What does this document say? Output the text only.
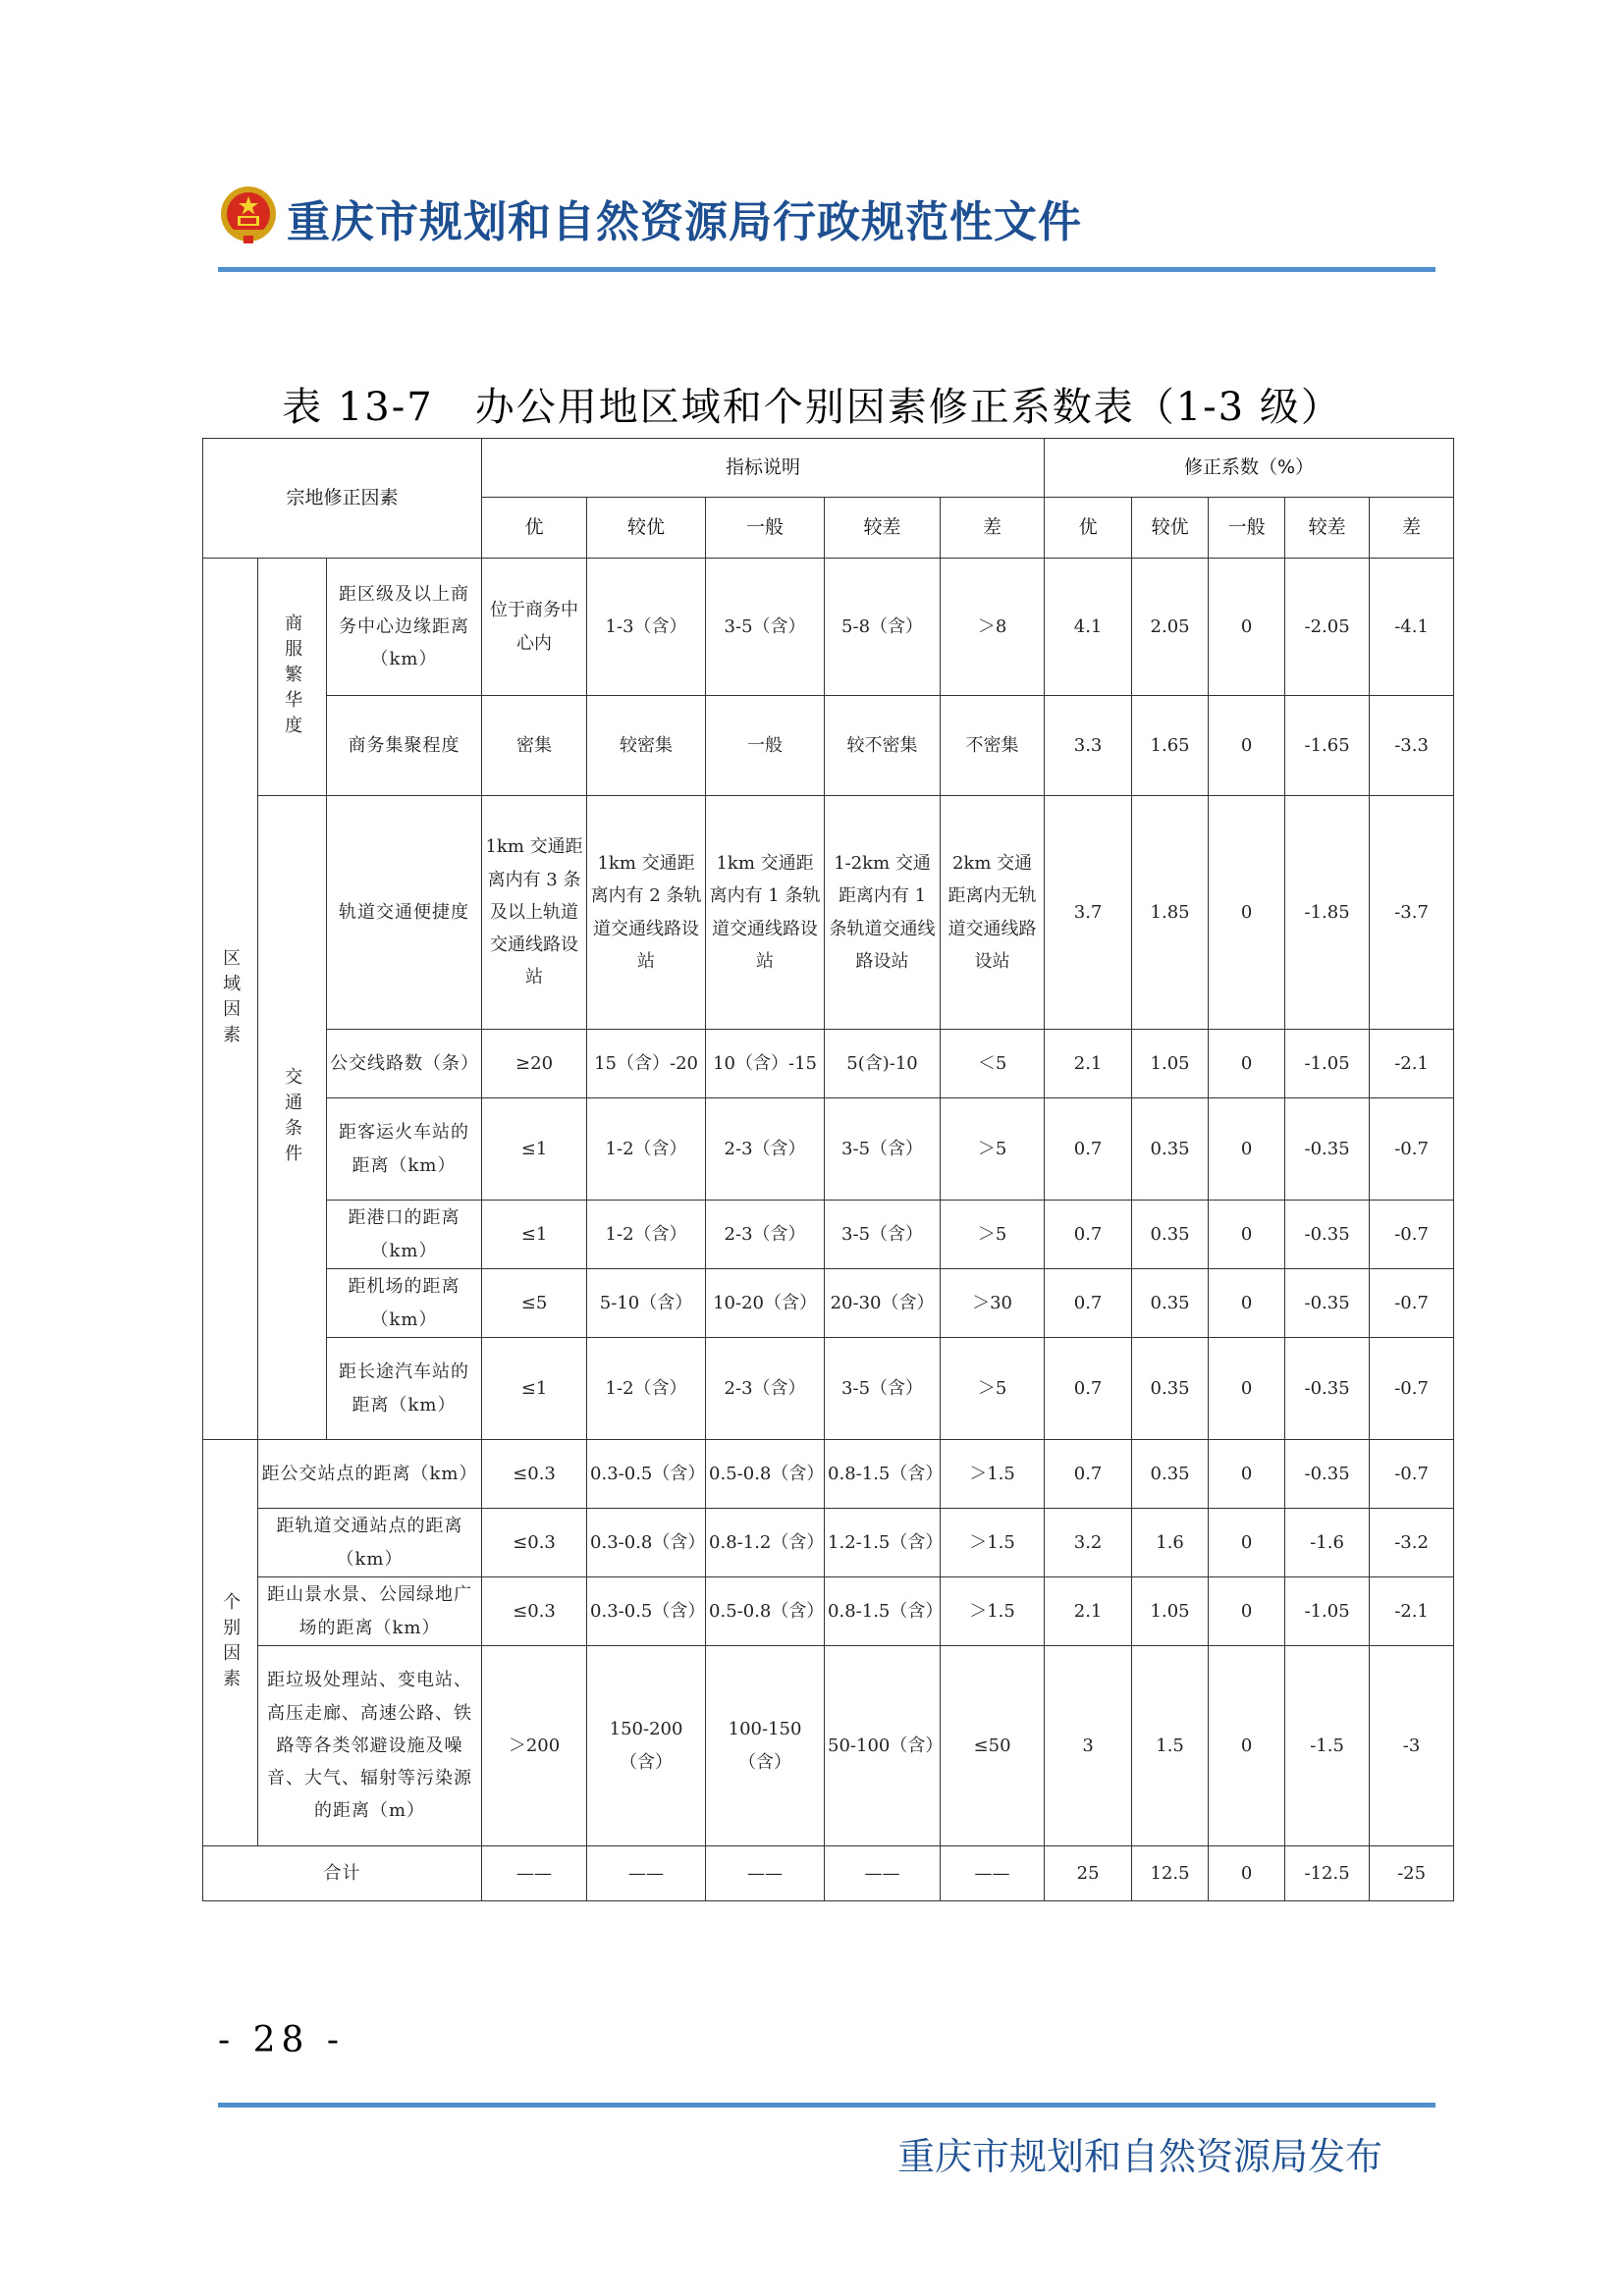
重庆市规划和自然资源局行政规范性文件
表 13-7　办公用地区域和个别因素修正系数表（1-3 级）
宗地修正因素			指标说明					修正系数（%）				
			优	较优	一般	较差	差	优	较优	一般	较差	差
区域因素	商服繁华度	距区级及以上商务中心边缘距离（km）	位于商务中心内	1-3（含）	3-5（含）	5-8（含）	＞8	4.1	2.05	0	-2.05	-4.1
		商务集聚程度	密集	较密集	一般	较不密集	不密集	3.3	1.65	0	-1.65	-3.3
	交通条件	轨道交通便捷度	1km 交通距离内有 3 条及以上轨道交通线路设站	1km 交通距离内有 2 条轨道交通线路设站	1km 交通距离内有 1 条轨道交通线路设站	1-2km 交通距离内有 1 条轨道交通线路设站	2km 交通距离内无轨道交通线路设站	3.7	1.85	0	-1.85	-3.7
		公交线路数（条）	≥20	15（含）-20	10（含）-15	5(含)-10	＜5	2.1	1.05	0	-1.05	-2.1
		距客运火车站的距离（km）	≤1	1-2（含）	2-3（含）	3-5（含）	＞5	0.7	0.35	0	-0.35	-0.7
		距港口的距离（km）	≤1	1-2（含）	2-3（含）	3-5（含）	＞5	0.7	0.35	0	-0.35	-0.7
		距机场的距离（km）	≤5	5-10（含）	10-20（含）	20-30（含）	＞30	0.7	0.35	0	-0.35	-0.7
		距长途汽车站的距离（km）	≤1	1-2（含）	2-3（含）	3-5（含）	＞5	0.7	0.35	0	-0.35	-0.7
个别因素	距公交站点的距离（km）		≤0.3	0.3-0.5（含）	0.5-0.8（含）	0.8-1.5（含）	＞1.5	0.7	0.35	0	-0.35	-0.7
	距轨道交通站点的距离（km）		≤0.3	0.3-0.8（含）	0.8-1.2（含）	1.2-1.5（含）	＞1.5	3.2	1.6	0	-1.6	-3.2
	距山景水景、公园绿地广场的距离（km）		≤0.3	0.3-0.5（含）	0.5-0.8（含）	0.8-1.5（含）	＞1.5	2.1	1.05	0	-1.05	-2.1
	距垃圾处理站、变电站、高压走廊、高速公路、铁路等各类邻避设施及噪音、大气、辐射等污染源的距离（m）		＞200	150-200（含）	100-150（含）	50-100（含）	≤50	3	1.5	0	-1.5	-3
合计			——	——	——	——	——	25	12.5	0	-12.5	-25
- 28 -
重庆市规划和自然资源局发布
